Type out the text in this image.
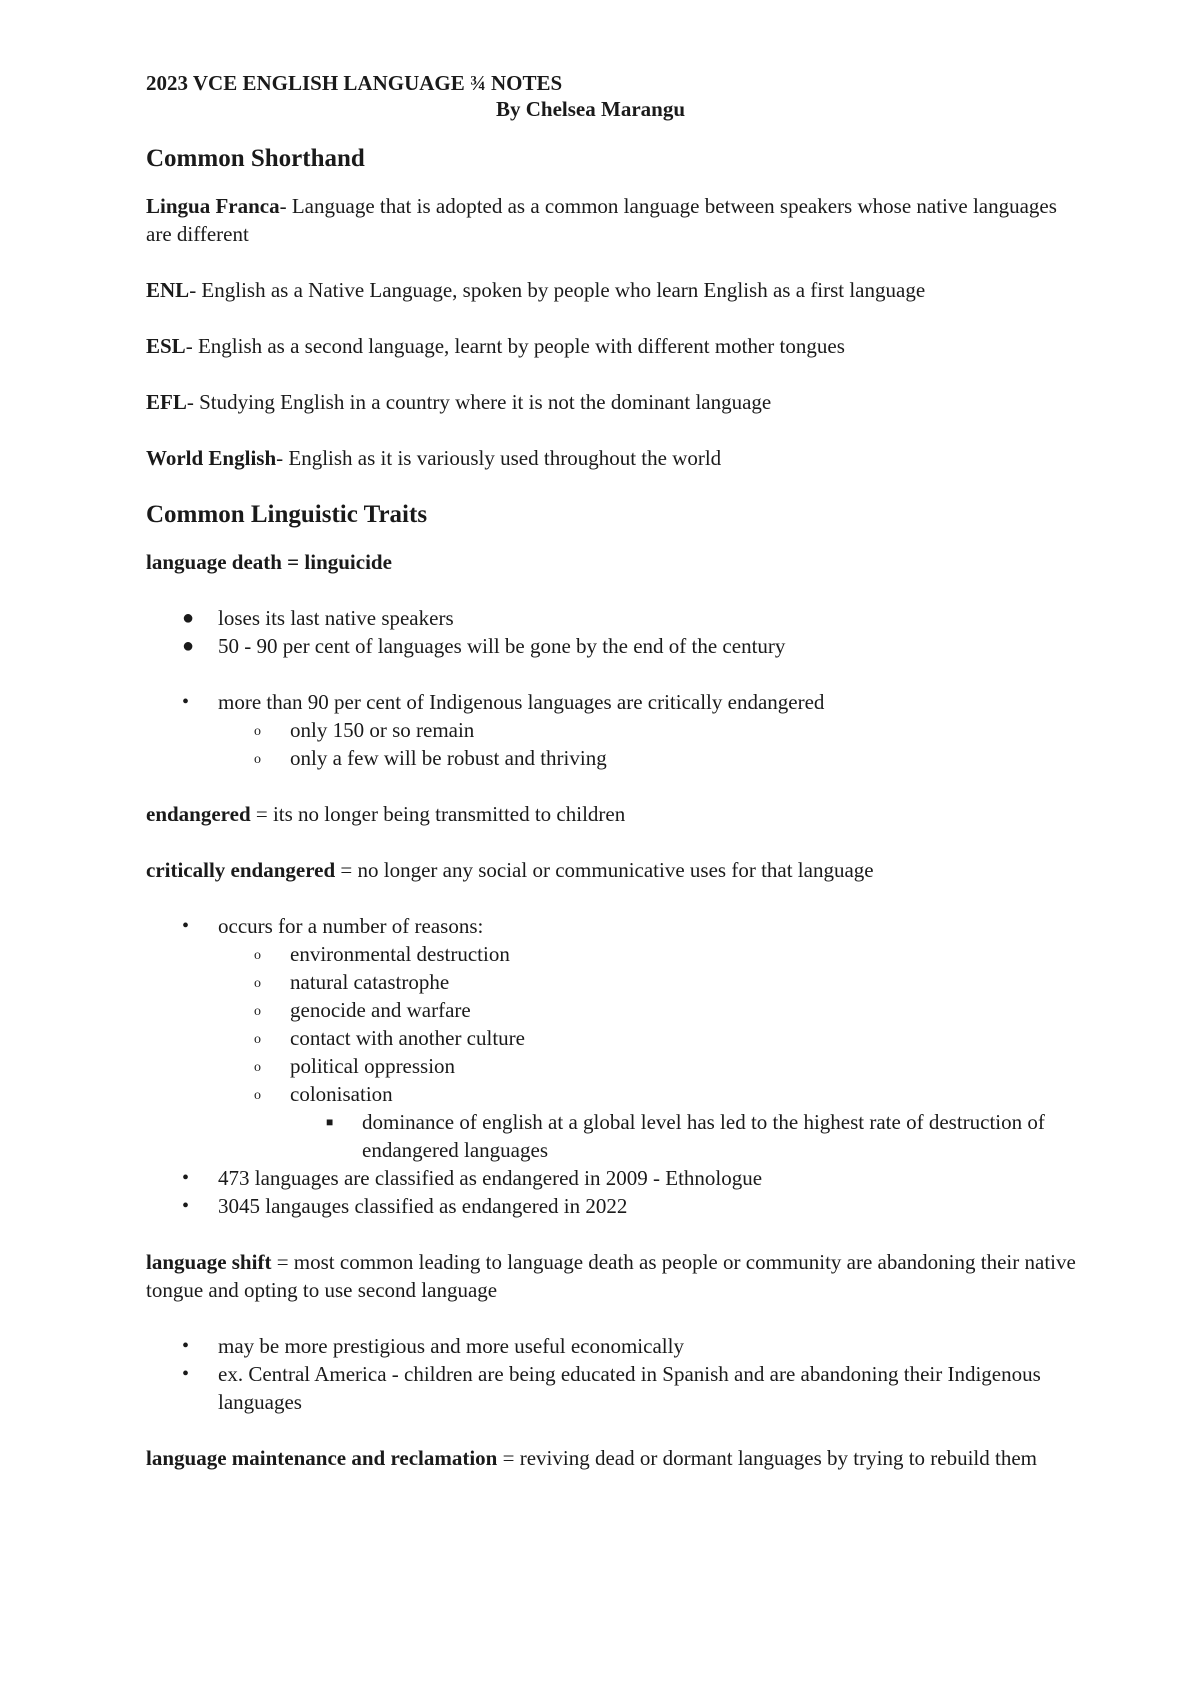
2023 VCE ENGLISH LANGUAGE ¾ NOTES
By Chelsea Marangu
Common Shorthand

Lingua Franca- Language that is adopted as a common language between speakers whose native languages are different

ENL- English as a Native Language, spoken by people who learn English as a first language

ESL- English as a second language, learnt by people with different mother tongues

EFL- Studying English in a country where it is not the dominant language

World English- English as it is variously used throughout the world

Common Linguistic Traits

language death = linguicide

● loses its last native speakers
● 50 - 90 per cent of languages will be gone by the end of the century
• more than 90 per cent of Indigenous languages are critically endangered
o only 150 or so remain
o only a few will be robust and thriving

endangered = its no longer being transmitted to children

critically endangered = no longer any social or communicative uses for that language

• occurs for a number of reasons:
o environmental destruction
o natural catastrophe
o genocide and warfare
o contact with another culture
o political oppression
o colonisation
■ dominance of english at a global level has led to the highest rate of destruction of endangered languages
• 473 languages are classified as endangered in 2009 - Ethnologue
• 3045 langauges classified as endangered in 2022

language shift = most common leading to language death as people or community are abandoning their native tongue and opting to use second language

• may be more prestigious and more useful economically
• ex. Central America - children are being educated in Spanish and are abandoning their Indigenous languages

language maintenance and reclamation = reviving dead or dormant languages by trying to rebuild them
